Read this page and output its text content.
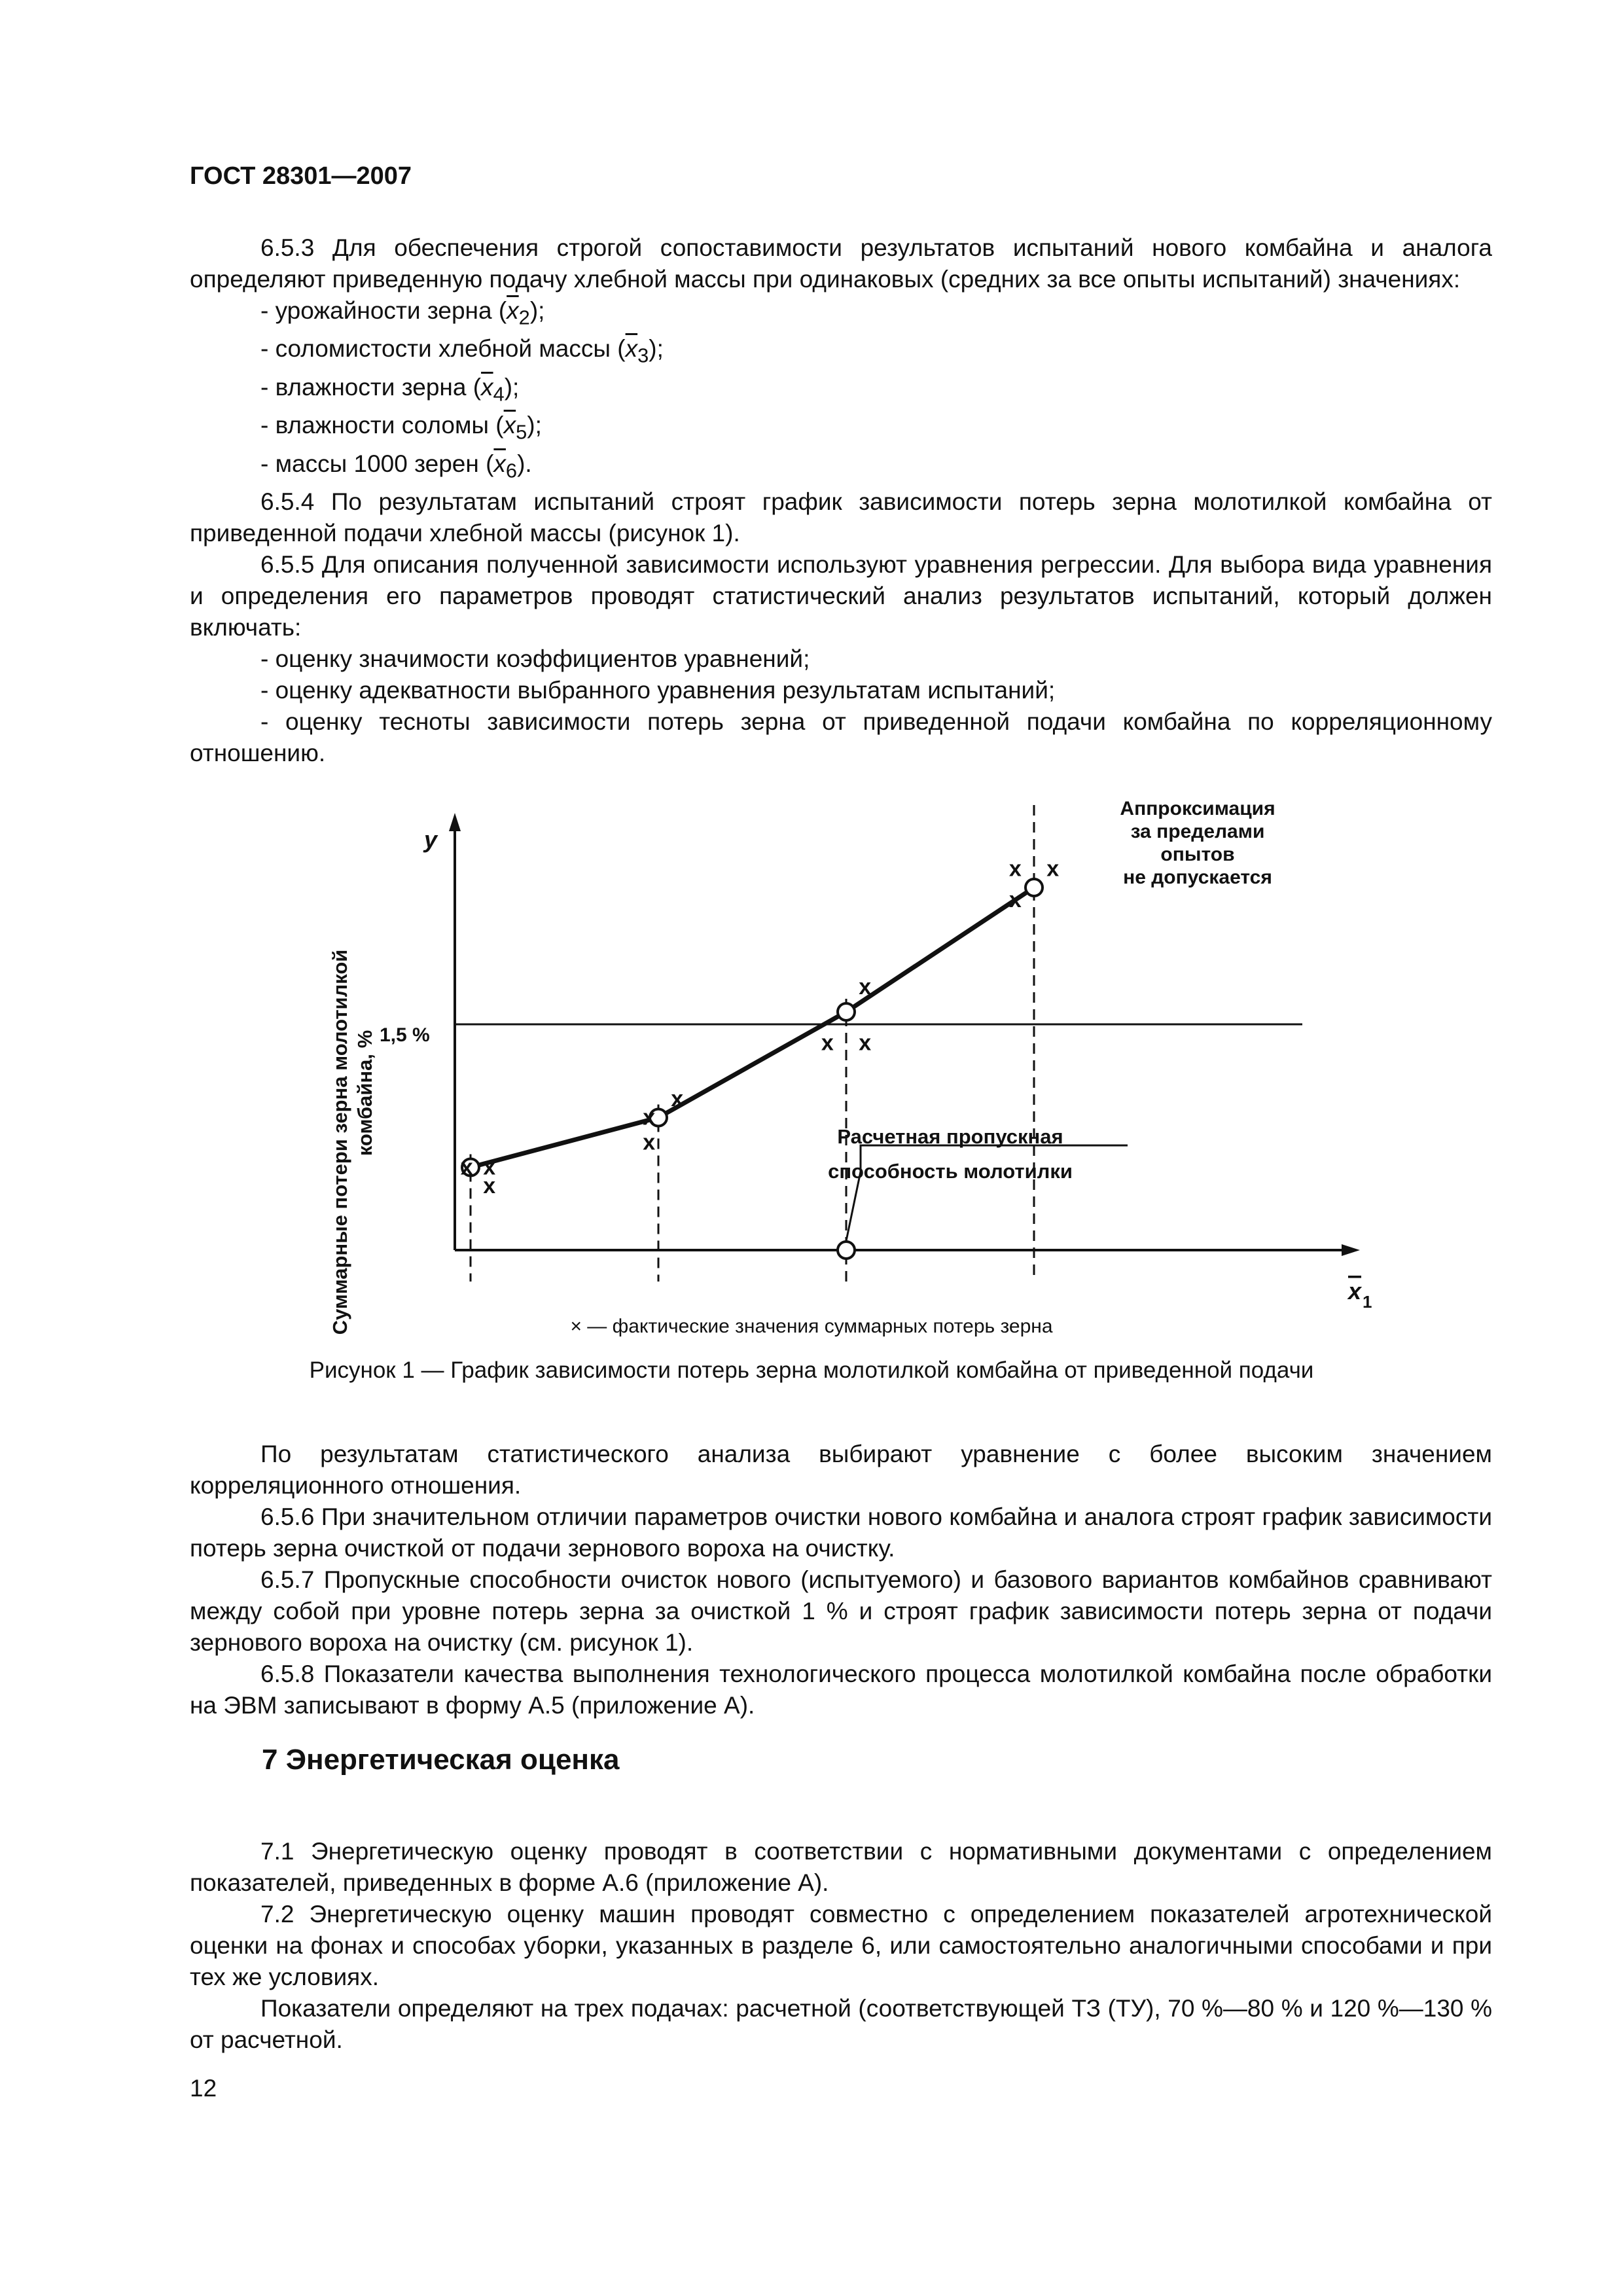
ГОСТ 28301—2007

6.5.3 Для обеспечения строгой сопоставимости результатов испытаний нового комбайна и аналога определяют приведенную подачу хлебной массы при одинаковых (средних за все опыты испытаний) значениях:

- урожайности зерна $(\overline{x}_2)$;
- соломистости хлебной массы $(\overline{x}_3)$;
- влажности зерна $(\overline{x}_4)$;
- влажности соломы $(\overline{x}_5)$;
- массы 1000 зерен $(\overline{x}_6)$.

6.5.4 По результатам испытаний строят график зависимости потерь зерна молотилкой комбайна от приведенной подачи хлебной массы (рисунок 1).

6.5.5 Для описания полученной зависимости используют уравнения регрессии. Для выбора вида уравнения и определения его параметров проводят статистический анализ результатов испытаний, который должен включать:

- оценку значимости коэффициентов уравнений;

- оценку адекватности выбранного уравнения результатам испытаний;

- оценку тесноты зависимости потерь зерна от приведенной подачи комбайна по корреляционному отношению.

Суммарные потери зерна молотилкой комбайна, %
y
x 1
1,5 %
Аппроксимация
за пределами
опытов
не допускается
Расчетная пропускная
способность молотилки
x x
x
x
x
x
x
x x
x
x x
× — фактические значения суммарных потерь зерна
Рисунок 1 — График зависимости потерь зерна молотилкой комбайна от приведенной подачи

По результатам статистического анализа выбирают уравнение с более высоким значением корреляционного отношения.

6.5.6 При значительном отличии параметров очистки нового комбайна и аналога строят график зависимости потерь зерна очисткой от подачи зернового вороха на очистку.

6.5.7 Пропускные способности очисток нового (испытуемого) и базового вариантов комбайнов сравнивают между собой при уровне потерь зерна за очисткой 1 % и строят график зависимости потерь зерна от подачи зернового вороха на очистку (см. рисунок 1).

6.5.8 Показатели качества выполнения технологического процесса молотилкой комбайна после обработки на ЭВМ записывают в форму А.5 (приложение А).

7 Энергетическая оценка

7.1 Энергетическую оценку проводят в соответствии с нормативными документами с определением показателей, приведенных в форме А.6 (приложение А).

7.2 Энергетическую оценку машин проводят совместно с определением показателей агротехнической оценки на фонах и способах уборки, указанных в разделе 6, или самостоятельно аналогичными способами и при тех же условиях.

Показатели определяют на трех подачах: расчетной (соответствующей ТЗ (ТУ), 70 %—80 % и 120 %—130 % от расчетной.

12
